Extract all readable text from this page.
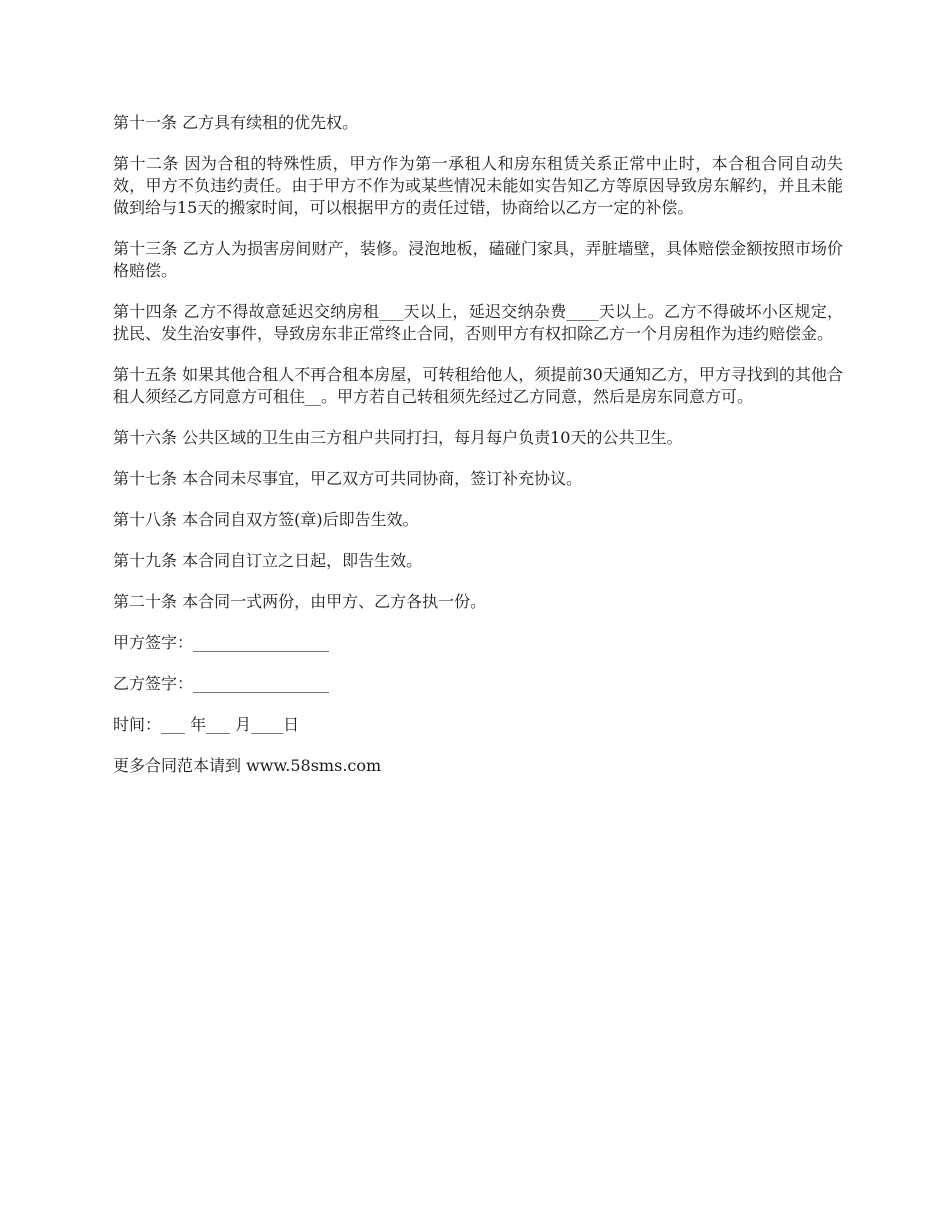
第十一条 乙方具有续租的优先权。

第十二条 因为合租的特殊性质，甲方作为第一承租人和房东租赁关系正常中止时，本合租合同自动失效，甲方不负违约责任。由于甲方不作为或某些情况未能如实告知乙方等原因导致房东解约，并且未能做到给与15天的搬家时间，可以根据甲方的责任过错，协商给以乙方一定的补偿。

第十三条 乙方人为损害房间财产，装修。浸泡地板，磕碰门家具，弄脏墙壁，具体赔偿金额按照市场价格赔偿。

第十四条 乙方不得故意延迟交纳房租___天以上，延迟交纳杂费____天以上。乙方不得破坏小区规定，扰民、发生治安事件，导致房东非正常终止合同，否则甲方有权扣除乙方一个月房租作为违约赔偿金。

第十五条 如果其他合租人不再合租本房屋，可转租给他人，须提前30天通知乙方，甲方寻找到的其他合租人须经乙方同意方可租住__。甲方若自己转租须先经过乙方同意，然后是房东同意方可。

第十六条 公共区域的卫生由三方租户共同打扫，每月每户负责10天的公共卫生。

第十七条 本合同未尽事宜，甲乙双方可共同协商，签订补充协议。

第十八条 本合同自双方签(章)后即告生效。

第十九条 本合同自订立之日起，即告生效。

第二十条 本合同一式两份，由甲方、乙方各执一份。

甲方签字：_________________

乙方签字：_________________

时间：___ 年___ 月____日

更多合同范本请到 www.58sms.com
